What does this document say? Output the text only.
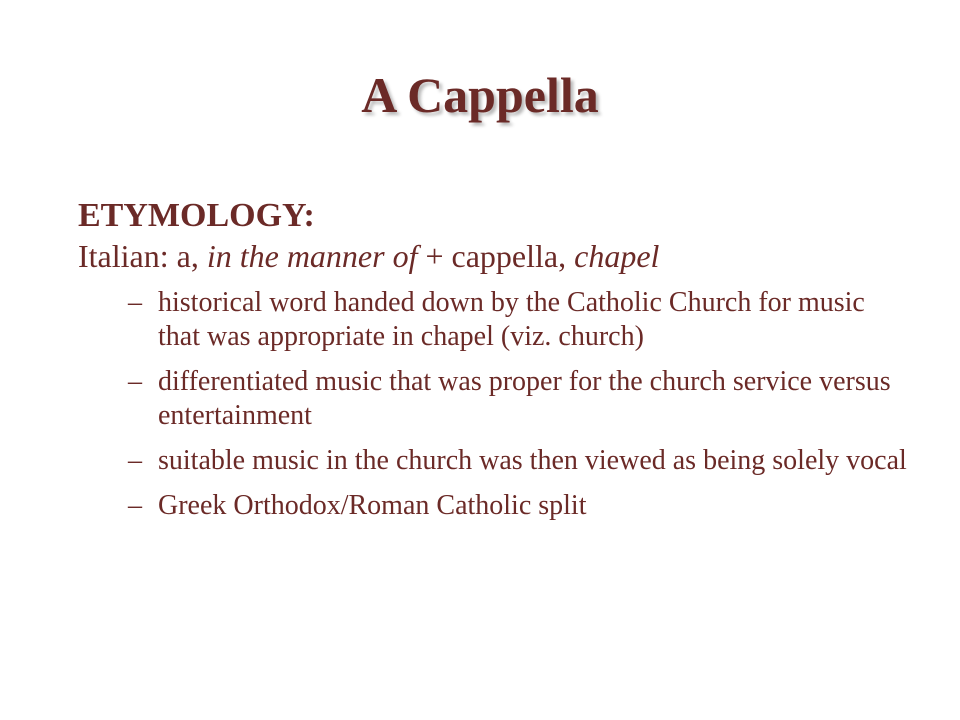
A Cappella

ETYMOLOGY:

Italian: a, in the manner of + cappella, chapel

– historical word handed down by the Catholic Church for music that was appropriate in chapel (viz. church)
– differentiated music that was proper for the church service versus entertainment
– suitable music in the church was then viewed as being solely vocal
– Greek Orthodox/Roman Catholic split
